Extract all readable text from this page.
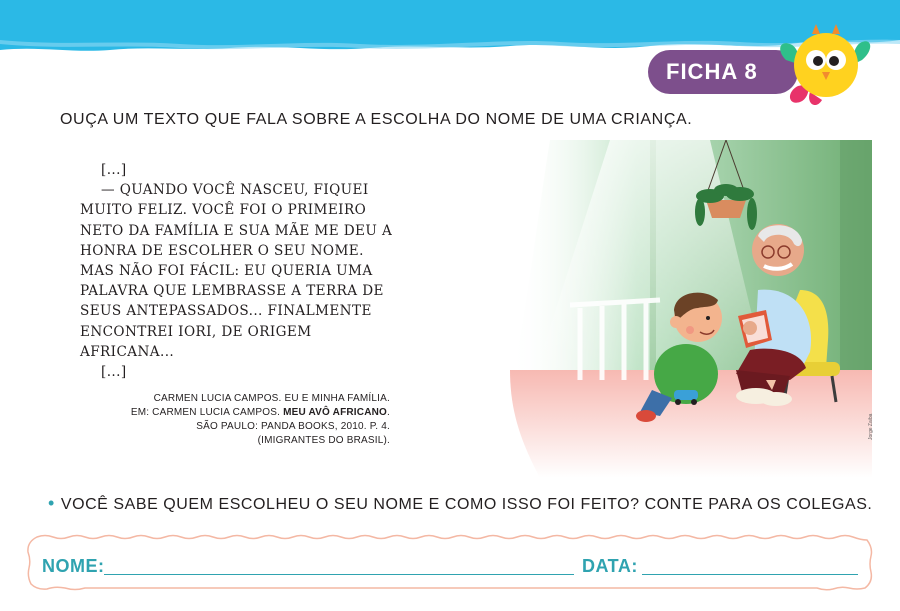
FICHA 8
OUÇA UM TEXTO QUE FALA SOBRE A ESCOLHA DO NOME DE UMA CRIANÇA.
[...]
— QUANDO VOCÊ NASCEU, FIQUEI
MUITO FELIZ. VOCÊ FOI O PRIMEIRO
NETO DA FAMÍLIA E SUA MÃE ME DEU A
HONRA DE ESCOLHER O SEU NOME.
MAS NÃO FOI FÁCIL: EU QUERIA UMA
PALAVRA QUE LEMBRASSE A TERRA DE
SEUS ANTEPASSADOS... FINALMENTE
ENCONTREI IORI, DE ORIGEM
AFRICANA...
[...]
CARMEN LUCIA CAMPOS. EU E MINHA FAMÍLIA.
EM: CARMEN LUCIA CAMPOS. MEU AVÔ AFRICANO.
SÃO PAULO: PANDA BOOKS, 2010. P. 4.
(IMIGRANTES DO BRASIL).
Jorge Zaiba
• VOCÊ SABE QUEM ESCOLHEU O SEU NOME E COMO ISSO FOI FEITO? CONTE PARA OS COLEGAS.
NOME:	DATA:
